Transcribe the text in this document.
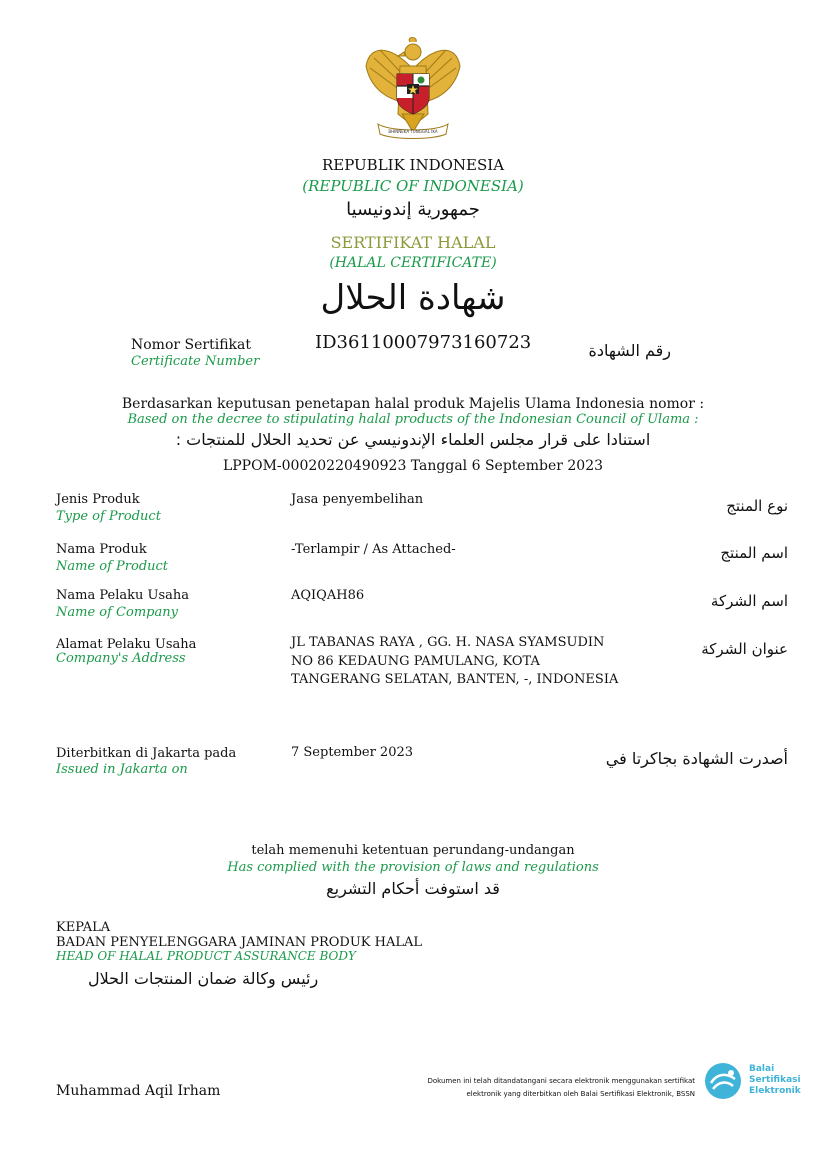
BHINNEKA TUNGGAL IKA
REPUBLIK INDONESIA
(REPUBLIC OF INDONESIA)
جمهورية إندونيسيا
SERTIFIKAT HALAL
(HALAL CERTIFICATE)
شهادة الحلال
Nomor Sertifikat
Certificate Number
ID36110007973160723	رقم الشهادة
Berdasarkan keputusan penetapan halal produk Majelis Ulama Indonesia nomor :
Based on the decree to stipulating halal products of the Indonesian Council of Ulama :
استنادا على قرار مجلس العلماء الإندونيسي عن تحديد الحلال للمنتجات :
LPPOM-00020220490923 Tanggal 6 September 2023
Jenis Produk
Type of Product
Jasa penyembelihan	نوع المنتج
Nama Produk
Name of Product
-Terlampir / As Attached-	اسم المنتج
Nama Pelaku Usaha
Name of Company
AQIQAH86	اسم الشركة
Alamat Pelaku Usaha
Company's Address
JL TABANAS RAYA , GG. H. NASA SYAMSUDIN
NO 86 KEDAUNG PAMULANG, KOTA
TANGERANG SELATAN, BANTEN, -, INDONESIA
عنوان الشركة
Diterbitkan di Jakarta pada
Issued in Jakarta on
7 September 2023	أصدرت الشهادة بجاكرتا في
telah memenuhi ketentuan perundang-undangan
Has complied with the provision of laws and regulations
قد استوفت أحكام التشريع
KEPALA
BADAN PENYELENGGARA JAMINAN PRODUK HALAL
HEAD OF HALAL PRODUCT ASSURANCE BODY
رئيس وكالة ضمان المنتجات الحلال
Muhammad Aqil Irham
Dokumen ini telah ditandatangani secara elektronik menggunakan sertifikat
elektronik yang diterbitkan oleh Balai Sertifikasi Elektronik, BSSN
Balai
Sertifikasi
Elektronik
